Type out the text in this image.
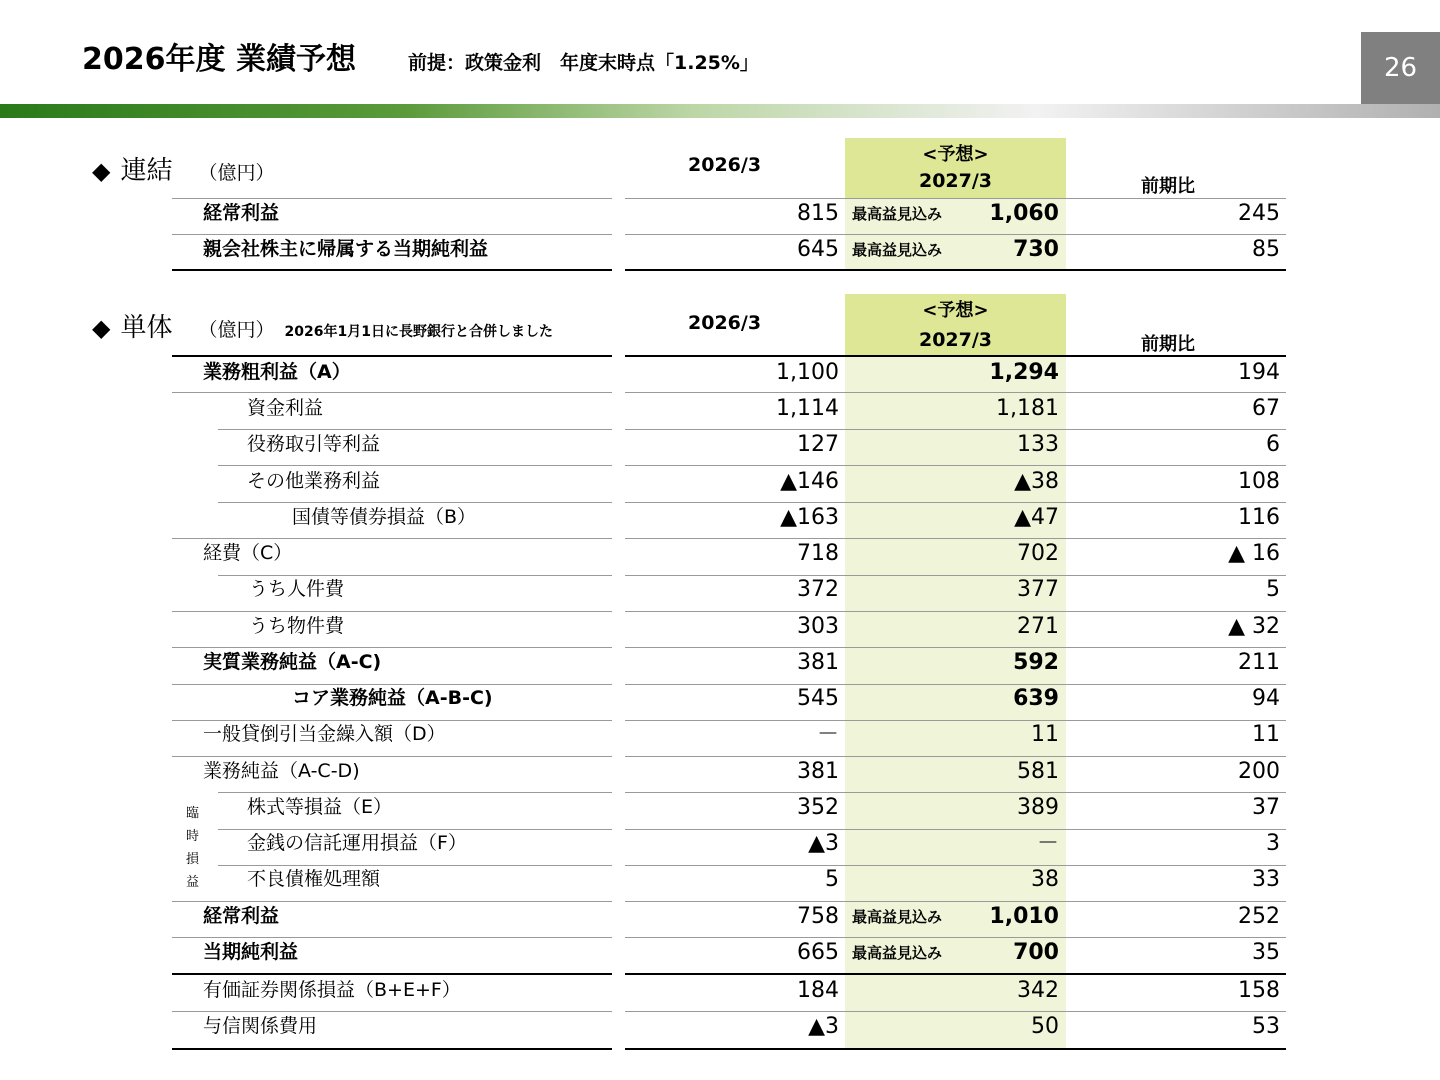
2026年度 業績予想	前提：政策金利　年度末時点「1.25%」	26
◆ 連結 （億円）	2026/3	<予想>
2027/3	前期比
経常利益	815 最高益見込み	1,060	245
親会社株主に帰属する当期純利益	645 最高益見込み	730	85
◆ 単体 （億円） 2026年1月1日に長野銀行と合併しました	2026/3
<予想>
2027/3	前期比
業務粗利益（A）	1,100	1,294	194
資金利益	1,114	1,181	67
役務取引等利益	127	133	6
その他業務利益	▲146	▲38	108
国債等債券損益（B）	▲163	▲47	116
経費（C）	718	702	▲ 16
うち人件費	372	377	5
うち物件費	303	271	▲ 32
実質業務純益（A-C)	381	592	211
コア業務純益（A-B-C)	545	639	94
一般貸倒引当金繰入額（D）	－	11	11
業務純益（A-C-D)	381	581	200
株式等損益（E）	352	389	37
金銭の信託運用損益（F）	▲3	－	3
不良債権処理額	5	38	33
経常利益	758 最高益見込み	1,010	252
当期純利益	665 最高益見込み	700	35
有価証券関係損益（B+E+F）	184	342	158
与信関係費用	▲3	50	53
臨
時
損
益
